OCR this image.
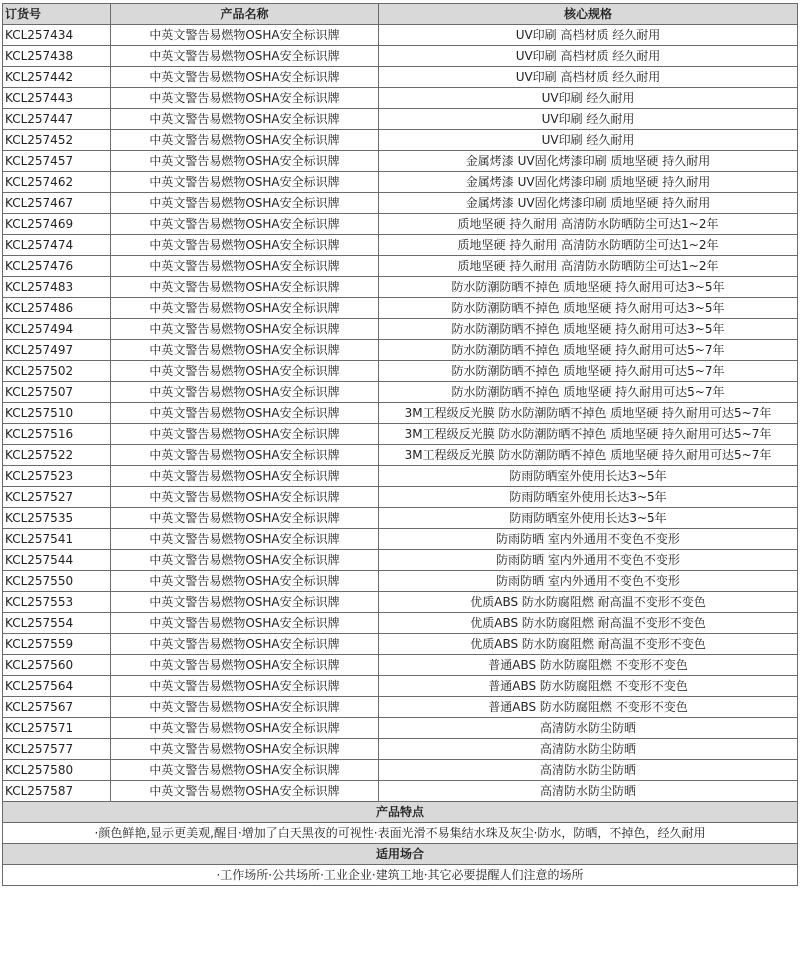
订货号	产品名称	核心规格
KCL257434	中英文警告易燃物OSHA安全标识牌	UV印刷 高档材质 经久耐用
KCL257438	中英文警告易燃物OSHA安全标识牌	UV印刷 高档材质 经久耐用
KCL257442	中英文警告易燃物OSHA安全标识牌	UV印刷 高档材质 经久耐用
KCL257443	中英文警告易燃物OSHA安全标识牌	UV印刷 经久耐用
KCL257447	中英文警告易燃物OSHA安全标识牌	UV印刷 经久耐用
KCL257452	中英文警告易燃物OSHA安全标识牌	UV印刷 经久耐用
KCL257457	中英文警告易燃物OSHA安全标识牌	金属烤漆 UV固化烤漆印刷 质地坚硬 持久耐用
KCL257462	中英文警告易燃物OSHA安全标识牌	金属烤漆 UV固化烤漆印刷 质地坚硬 持久耐用
KCL257467	中英文警告易燃物OSHA安全标识牌	金属烤漆 UV固化烤漆印刷 质地坚硬 持久耐用
KCL257469	中英文警告易燃物OSHA安全标识牌	质地坚硬 持久耐用 高清防水防晒防尘可达1~2年
KCL257474	中英文警告易燃物OSHA安全标识牌	质地坚硬 持久耐用 高清防水防晒防尘可达1~2年
KCL257476	中英文警告易燃物OSHA安全标识牌	质地坚硬 持久耐用 高清防水防晒防尘可达1~2年
KCL257483	中英文警告易燃物OSHA安全标识牌	防水防潮防晒不掉色 质地坚硬 持久耐用可达3~5年
KCL257486	中英文警告易燃物OSHA安全标识牌	防水防潮防晒不掉色 质地坚硬 持久耐用可达3~5年
KCL257494	中英文警告易燃物OSHA安全标识牌	防水防潮防晒不掉色 质地坚硬 持久耐用可达3~5年
KCL257497	中英文警告易燃物OSHA安全标识牌	防水防潮防晒不掉色 质地坚硬 持久耐用可达5~7年
KCL257502	中英文警告易燃物OSHA安全标识牌	防水防潮防晒不掉色 质地坚硬 持久耐用可达5~7年
KCL257507	中英文警告易燃物OSHA安全标识牌	防水防潮防晒不掉色 质地坚硬 持久耐用可达5~7年
KCL257510	中英文警告易燃物OSHA安全标识牌	3M工程级反光膜 防水防潮防晒不掉色 质地坚硬 持久耐用可达5~7年
KCL257516	中英文警告易燃物OSHA安全标识牌	3M工程级反光膜 防水防潮防晒不掉色 质地坚硬 持久耐用可达5~7年
KCL257522	中英文警告易燃物OSHA安全标识牌	3M工程级反光膜 防水防潮防晒不掉色 质地坚硬 持久耐用可达5~7年
KCL257523	中英文警告易燃物OSHA安全标识牌	防雨防晒室外使用长达3~5年
KCL257527	中英文警告易燃物OSHA安全标识牌	防雨防晒室外使用长达3~5年
KCL257535	中英文警告易燃物OSHA安全标识牌	防雨防晒室外使用长达3~5年
KCL257541	中英文警告易燃物OSHA安全标识牌	防雨防晒 室内外通用不变色不变形
KCL257544	中英文警告易燃物OSHA安全标识牌	防雨防晒 室内外通用不变色不变形
KCL257550	中英文警告易燃物OSHA安全标识牌	防雨防晒 室内外通用不变色不变形
KCL257553	中英文警告易燃物OSHA安全标识牌	优质ABS 防水防腐阻燃 耐高温不变形不变色
KCL257554	中英文警告易燃物OSHA安全标识牌	优质ABS 防水防腐阻燃 耐高温不变形不变色
KCL257559	中英文警告易燃物OSHA安全标识牌	优质ABS 防水防腐阻燃 耐高温不变形不变色
KCL257560	中英文警告易燃物OSHA安全标识牌	普通ABS 防水防腐阻燃 不变形不变色
KCL257564	中英文警告易燃物OSHA安全标识牌	普通ABS 防水防腐阻燃 不变形不变色
KCL257567	中英文警告易燃物OSHA安全标识牌	普通ABS 防水防腐阻燃 不变形不变色
KCL257571	中英文警告易燃物OSHA安全标识牌	高清防水防尘防晒
KCL257577	中英文警告易燃物OSHA安全标识牌	高清防水防尘防晒
KCL257580	中英文警告易燃物OSHA安全标识牌	高清防水防尘防晒
KCL257587	中英文警告易燃物OSHA安全标识牌	高清防水防尘防晒
产品特点		
·颜色鲜艳,显示更美观,醒目·增加了白天黑夜的可视性·表面光滑不易集结水珠及灰尘·防水，防晒，不掉色，经久耐用		
适用场合		
·工作场所·公共场所·工业企业·建筑工地·其它必要提醒人们注意的场所		
